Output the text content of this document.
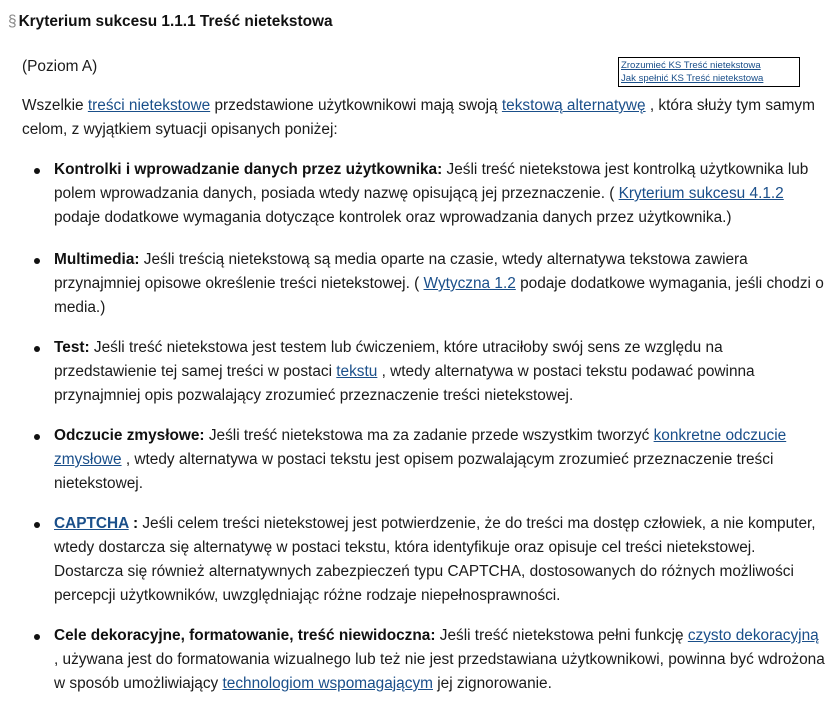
§ Kryterium sukcesu 1.1.1 Treść nietekstowa

(Poziom A)	Zrozumieć KS Treść nietekstowa
Jak spełnić KS Treść nietekstowa

Wszelkie treści nietekstowe przedstawione użytkownikowi mają swoją tekstową alternatywę , która służy tym samym celom, z wyjątkiem sytuacji opisanych poniżej:

Kontrolki i wprowadzanie danych przez użytkownika: Jeśli treść nietekstowa jest kontrolką użytkownika lub polem wprowadzania danych, posiada wtedy nazwę opisującą jej przeznaczenie. ( Kryterium sukcesu 4.1.2 podaje dodatkowe wymagania dotyczące kontrolek oraz wprowadzania danych przez użytkownika.)
Multimedia: Jeśli treścią nietekstową są media oparte na czasie, wtedy alternatywa tekstowa zawiera przynajmniej opisowe określenie treści nietekstowej. ( Wytyczna 1.2 podaje dodatkowe wymagania, jeśli chodzi o media.)
Test: Jeśli treść nietekstowa jest testem lub ćwiczeniem, które utraciłoby swój sens ze względu na przedstawienie tej samej treści w postaci tekstu , wtedy alternatywa w postaci tekstu podawać powinna przynajmniej opis pozwalający zrozumieć przeznaczenie treści nietekstowej.
Odczucie zmysłowe: Jeśli treść nietekstowa ma za zadanie przede wszystkim tworzyć konkretne odczucie zmysłowe , wtedy alternatywa w postaci tekstu jest opisem pozwalającym zrozumieć przeznaczenie treści nietekstowej.
CAPTCHA : Jeśli celem treści nietekstowej jest potwierdzenie, że do treści ma dostęp człowiek, a nie komputer, wtedy dostarcza się alternatywę w postaci tekstu, która identyfikuje oraz opisuje cel treści nietekstowej. Dostarcza się również alternatywnych zabezpieczeń typu CAPTCHA, dostosowanych do różnych możliwości percepcji użytkowników, uwzględniając różne rodzaje niepełnosprawności.
Cele dekoracyjne, formatowanie, treść niewidoczna: Jeśli treść nietekstowa pełni funkcję czysto dekoracyjną , używana jest do formatowania wizualnego lub też nie jest przedstawiana użytkownikowi, powinna być wdrożona w sposób umożliwiający technologiom wspomagającym jej zignorowanie.
